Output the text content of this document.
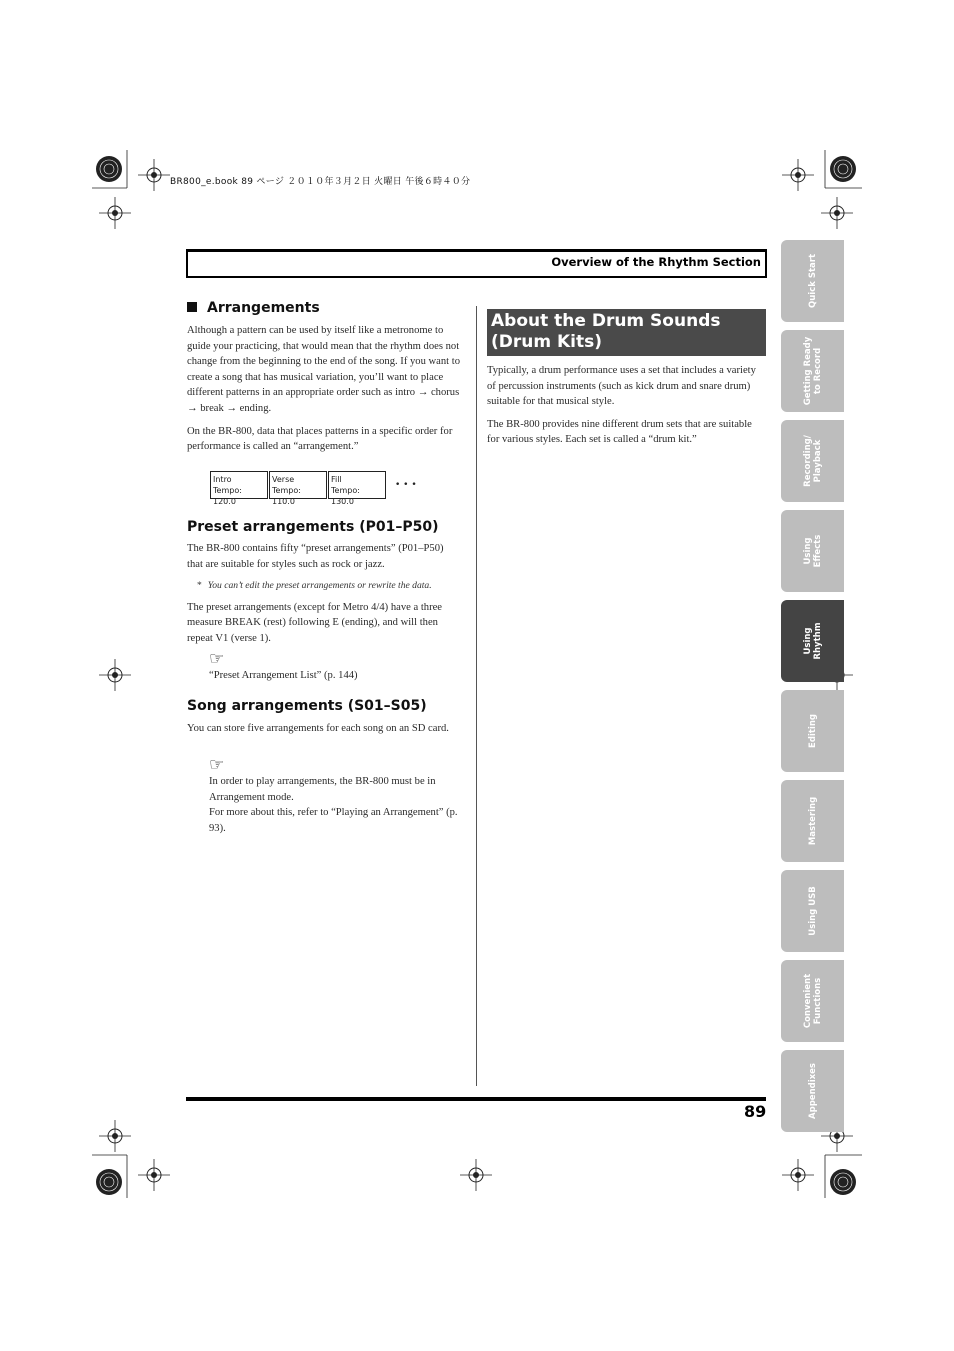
BR800_e.book 89 ページ ２０１０年３月２日 火曜日 午後６時４０分
Overview of the Rhythm Section	Quick Start
Getting Ready
to Record
Recording/
Playback
Using
Effects
Using
Rhythm
Editing
Mastering
Using USB
Convenient
Functions
Appendixes
Arrangements

Although a pattern can be used by itself like a metronome to guide your practicing, that would mean that the rhythm does not change from the beginning to the end of the song. If you want to create a song that has musical variation, you’ll want to place different patterns in an appropriate order such as intro → chorus → break → ending.

On the BR-800, data that places patterns in a specific order for performance is called an “arrangement.”

Intro
Tempo: 120.0
Verse
Tempo: 110.0
Fill
Tempo: 130.0
• • •
Preset arrangements (P01–P50)

The BR-800 contains fifty “preset arrangements” (P01–P50) that are suitable for styles such as rock or jazz.

* You can’t edit the preset arrangements or rewrite the data.

The preset arrangements (except for Metro 4/4) have a three measure BREAK (rest) following E (ending), and will then repeat V1 (verse 1).

☞
“Preset Arrangement List” (p. 144)
Song arrangements (S01–S05)

You can store five arrangements for each song on an SD card.

☞

In order to play arrangements, the BR-800 must be in Arrangement mode.

For more about this, refer to “Playing an Arrangement” (p. 93).

About the Drum Sounds (Drum Kits)

Typically, a drum performance uses a set that includes a variety of percussion instruments (such as kick drum and snare drum) suitable for that musical style.

The BR-800 provides nine different drum sets that are suitable for various styles. Each set is called a “drum kit.”

89
